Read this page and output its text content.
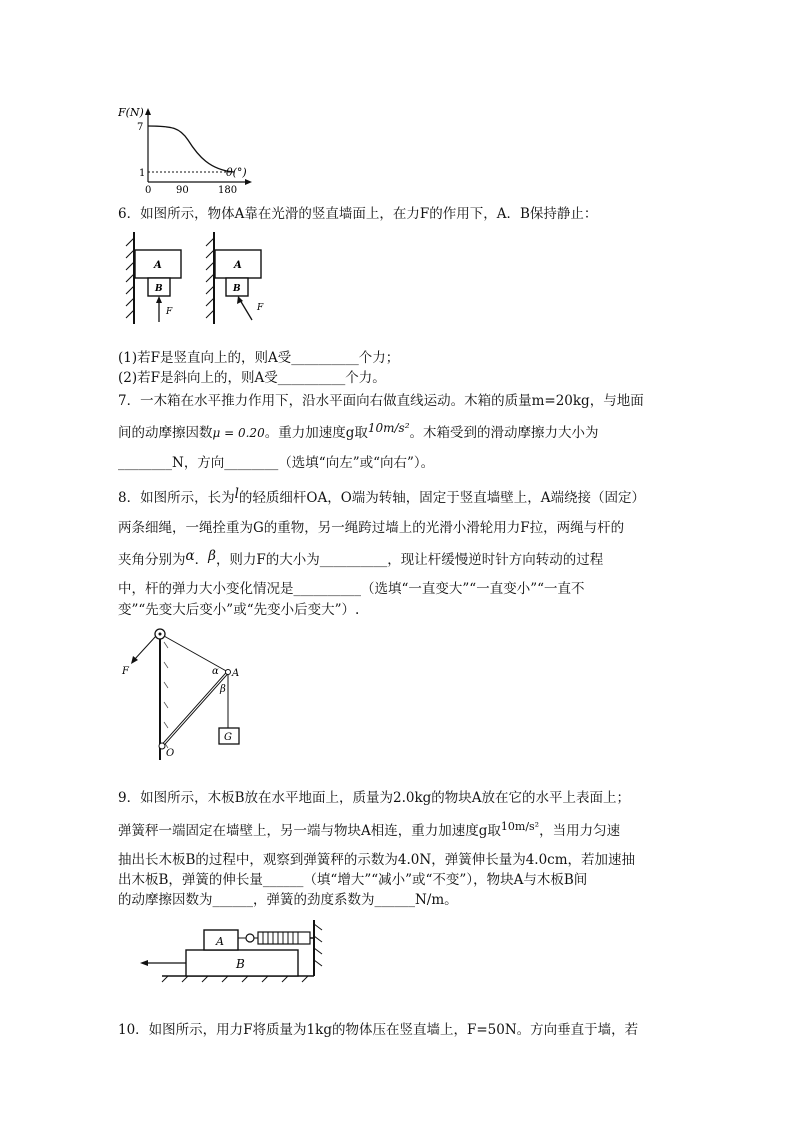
F(N)
7
1
0 90	180
θ(°)
6．如图所示，物体A靠在光滑的竖直墙面上，在力F的作用下，A．B保持静止：
A
B
F
A
B
F
(1)若F是竖直向上的，则A受__________个力；
(2)若F是斜向上的，则A受__________个力。
7．一木箱在水平推力作用下，沿水平面向右做直线运动。木箱的质量m=20kg，与地面
间的动摩擦因数μ = 0.20。重力加速度g取10m/s²。木箱受到的滑动摩擦力大小为
________N，方向________（选填“向左”或“向右”）。
8．如图所示，长为l的轻质细杆OA，O端为转轴，固定于竖直墙壁上，A端绕接（固定）
两条细绳，一绳拴重为G的重物，另一绳跨过墙上的光滑小滑轮用力F拉，两绳与杆的
夹角分别为α．β，则力F的大小为__________，现让杆缓慢逆时针方向转动的过程
中，杆的弹力大小变化情况是__________（选填“一直变大”“一直变小”“一直不
变”“先变大后变小”或“先变小后变大”）.
F	α
β
A
O
G
9．如图所示，木板B放在水平地面上，质量为2.0kg的物块A放在它的水平上表面上；
弹簧秤一端固定在墙壁上，另一端与物块A相连，重力加速度g取$^{10m/s^2}$，当用力匀速
抽出长木板B的过程中，观察到弹簧秤的示数为4.0N，弹簧伸长量为4.0cm，若加速抽
出木板B，弹簧的伸长量______（填“增大”“减小”或“不变”），物块A与木板B间
的动摩擦因数为______，弹簧的劲度系数为______N/m。
B
A
10．如图所示，用力F将质量为1kg的物体压在竖直墙上，F=50N。方向垂直于墙，若
